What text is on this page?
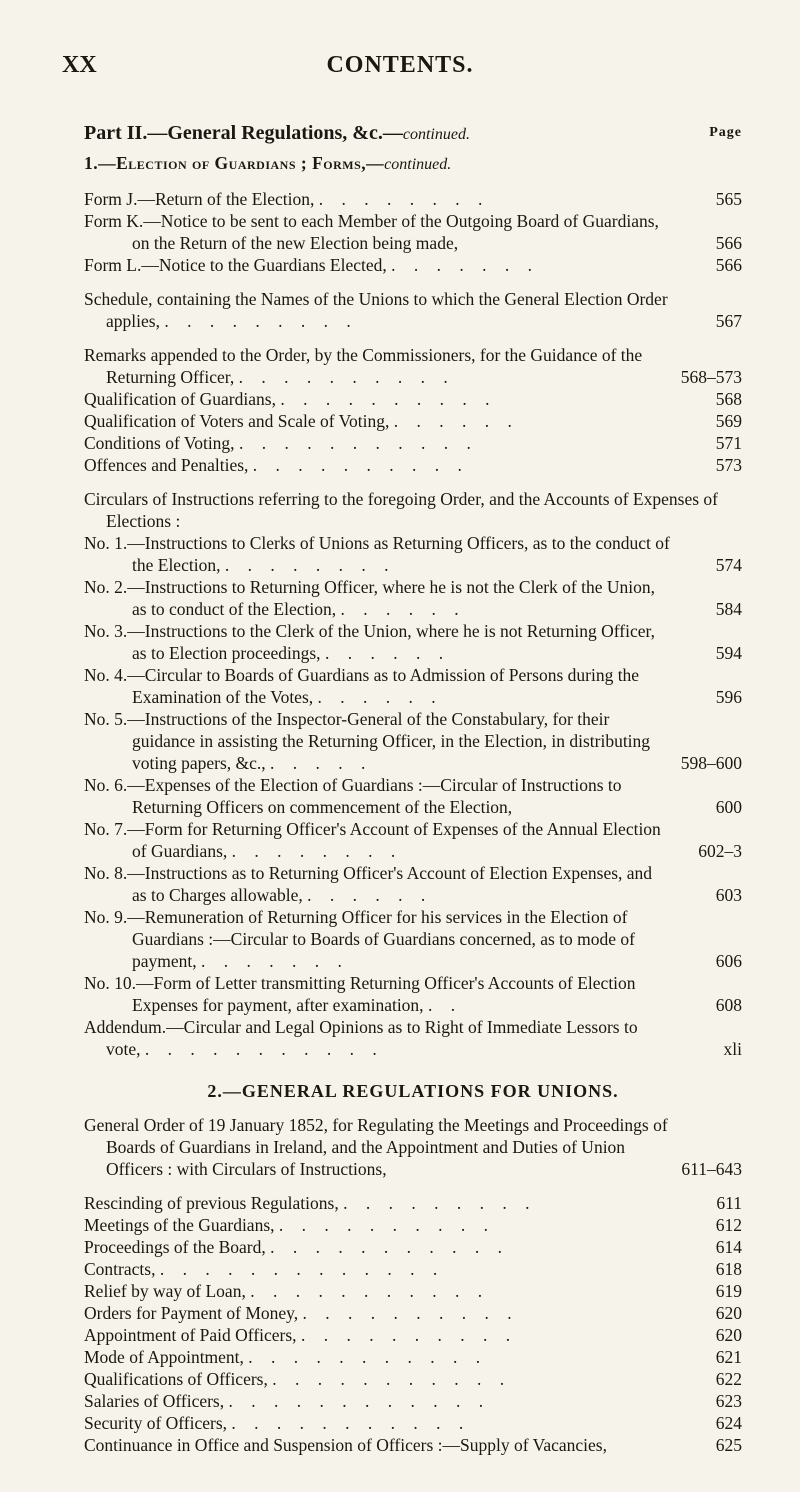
XX	CONTENTS.
Part II.—General Regulations, &c.—continued.	Page
1.—Election of Guardians ; Forms,—continued.
Form J.—Return of the Election, . . . . . . . .	565
Form K.—Notice to be sent to each Member of the Outgoing Board of Guardians, on the Return of the new Election being made,	566
Form L.—Notice to the Guardians Elected, . . . . . . .	566
Schedule, containing the Names of the Unions to which the General Election Order applies, . . . . . . . . .	567
Remarks appended to the Order, by the Commissioners, for the Guidance of the Returning Officer, . . . . . . . . . .	568–573
Qualification of Guardians, . . . . . . . . . .	568
Qualification of Voters and Scale of Voting, . . . . . .	569
Conditions of Voting, . . . . . . . . . . .	571
Offences and Penalties, . . . . . . . . . .	573
Circulars of Instructions referring to the foregoing Order, and the Accounts of Expenses of Elections :
No. 1.—Instructions to Clerks of Unions as Returning Officers, as to the conduct of the Election, . . . . . . . .	574
No. 2.—Instructions to Returning Officer, where he is not the Clerk of the Union, as to conduct of the Election, . . . . . .	584
No. 3.—Instructions to the Clerk of the Union, where he is not Returning Officer, as to Election proceedings, . . . . . .	594
No. 4.—Circular to Boards of Guardians as to Admission of Persons during the Examination of the Votes, . . . . . .	596
No. 5.—Instructions of the Inspector-General of the Constabulary, for their guidance in assisting the Returning Officer, in the Election, in distributing voting papers, &c., . . . . .	598–600
No. 6.—Expenses of the Election of Guardians :—Circular of Instructions to Returning Officers on commencement of the Election,	600
No. 7.—Form for Returning Officer's Account of Expenses of the Annual Election of Guardians, . . . . . . . .	602–3
No. 8.—Instructions as to Returning Officer's Account of Election Expenses, and as to Charges allowable, . . . . . .	603
No. 9.—Remuneration of Returning Officer for his services in the Election of Guardians :—Circular to Boards of Guardians concerned, as to mode of payment, . . . . . . .	606
No. 10.—Form of Letter transmitting Returning Officer's Accounts of Election Expenses for payment, after examination, . .	608
Addendum.—Circular and Legal Opinions as to Right of Immediate Lessors to vote, . . . . . . . . . . .	xli
2.—GENERAL REGULATIONS FOR UNIONS.
General Order of 19 January 1852, for Regulating the Meetings and Proceedings of Boards of Guardians in Ireland, and the Appointment and Duties of Union Officers : with Circulars of Instructions,	611–643
Rescinding of previous Regulations, . . . . . . . . .	611
Meetings of the Guardians, . . . . . . . . . .	612
Proceedings of the Board, . . . . . . . . . . .	614
Contracts, . . . . . . . . . . . . .	618
Relief by way of Loan, . . . . . . . . . . .	619
Orders for Payment of Money, . . . . . . . . . .	620
Appointment of Paid Officers, . . . . . . . . . .	620
Mode of Appointment, . . . . . . . . . . .	621
Qualifications of Officers, . . . . . . . . . . .	622
Salaries of Officers, . . . . . . . . . . . .	623
Security of Officers, . . . . . . . . . . .	624
Continuance in Office and Suspension of Officers :—Supply of Vacancies,	625
